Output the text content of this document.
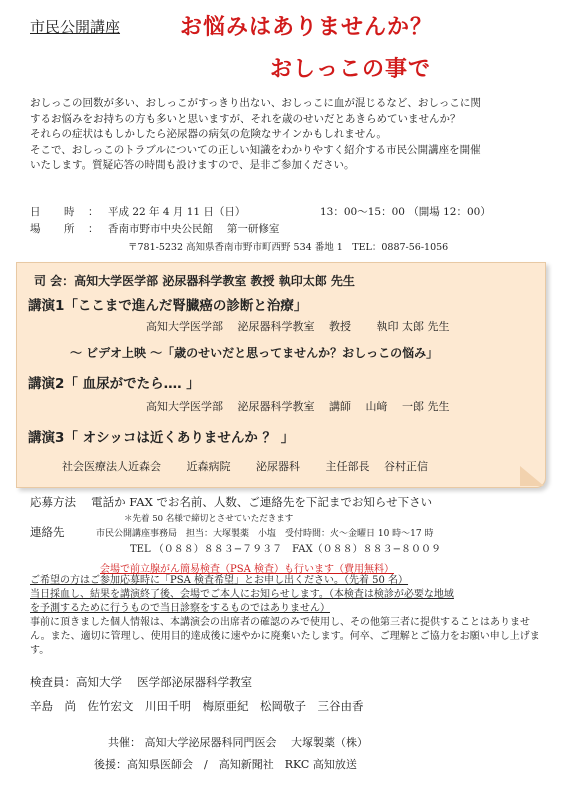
市民公開講座	お悩みはありませんか？
おしっこの事で

おしっこの回数が多い、おしっこがすっきり出ない、おしっこに血が混じるなど、おしっこに関

するお悩みをお持ちの方も多いと思いますが、それを歳のせいだとあきらめていませんか？

それらの症状はもしかしたら泌尿器の病気の危険なサインかもしれません。

そこで、おしっこのトラブルについての正しい知識をわかりやすく紹介する市民公開講座を開催

いたします。質疑応答の時間も設けますので、是非ご参加ください。

日 時 ： 平成 22 年 4 月 11 日（日）	13：00〜15：00 （開場 12：00）
場 所 ： 香南市野市中央公民館　 第一研修室
〒781-5232 高知県香南市野市町西野 534 番地 1　TEL：0887-56-1056
司 会：高知大学医学部 泌尿器科学教室 教授 執印太郎 先生
講演1「ここまで進んだ腎臓癌の診断と治療」
高知大学医学部　 泌尿器科学教室　 教授　　 執印 太郎 先生
〜 ビデオ上映 〜「歳のせいだと思ってませんか？おしっこの悩み」
講演2「 血尿がでたら‥‥ 」
高知大学医学部　 泌尿器科学教室　 講師　 山﨑　 一郎 先生
講演3「 オシッコは近くありませんか ？ 」
社会医療法人近森会　　 近森病院　　 泌尿器科　　 主任部長　 谷村正信
応募方法　 電話か FAX でお名前、人数、ご連絡先を下記までお知らせ下さい
＊先着 50 名様で締切とさせていただきます
連絡先	市民公開講座事務局　担当：大塚製薬　小塩　受付時間：火〜金曜日 10 時〜17 時
TEL （０８８）８８３−７９３７　FAX（０８８）８８３−８００９
会場で前立腺がん簡易検査（PSA 検査）も行います（費用無料）
ご希望の方はご参加応募時に「PSA 検査希望」とお申し出ください。（先着 50 名）
当日採血し、結果を講演終了後、会場でご本人にお知らせします。（本検査は検診が必要な地域
を予測するために行うもので当日診察をするものではありません）
事前に頂きました個人情報は、本講演会の出席者の確認のみで使用し、その他第三者に提供することはありません。また、適切に管理し、使用目的達成後に速やかに廃棄いたします。何卒、ご理解とご協力をお願い申し上げます。
検査員：高知大学　 医学部泌尿器科学教室
辛島　尚　佐竹宏文　川田千明　梅原亜紀　松岡敬子　三谷由香
共催： 高知大学泌尿器科同門医会　 大塚製薬（株）
後援：高知県医師会　/　高知新聞社　RKC 高知放送
